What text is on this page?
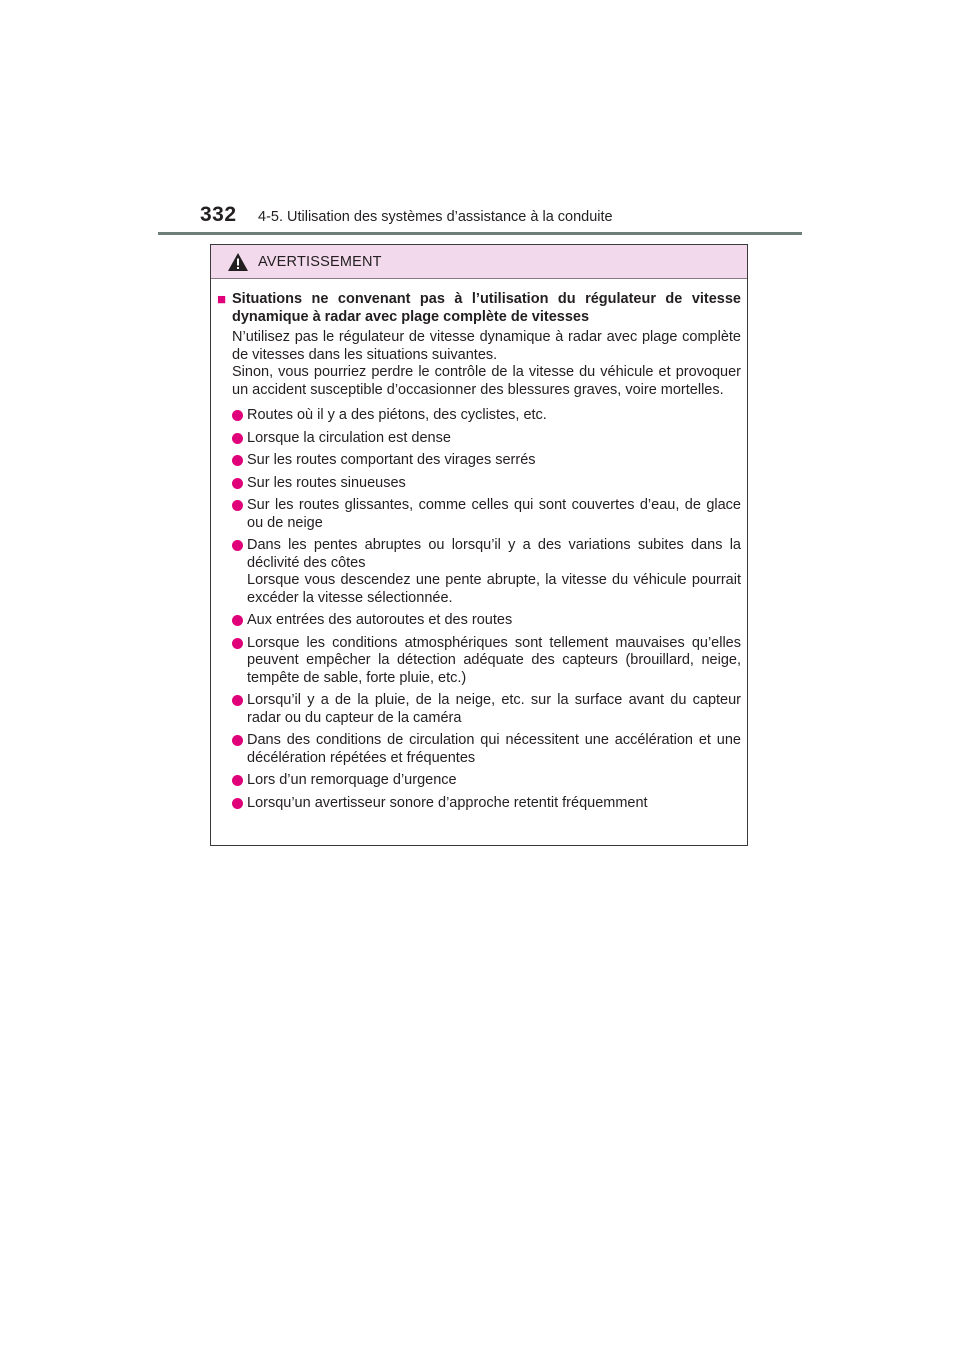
332 4-5. Utilisation des systèmes d’assistance à la conduite
AVERTISSEMENT
■ Situations ne convenant pas à l’utilisation du régulateur de vitesse dynamique à radar avec plage complète de vitesses

N’utilisez pas le régulateur de vitesse dynamique à radar avec plage complète de vitesses dans les situations suivantes.

Sinon, vous pourriez perdre le contrôle de la vitesse du véhicule et provoquer un accident susceptible d’occasionner des blessures graves, voire mortelles.

Routes où il y a des piétons, des cyclistes, etc.
Lorsque la circulation est dense
Sur les routes comportant des virages serrés
Sur les routes sinueuses
Sur les routes glissantes, comme celles qui sont couvertes d’eau, de glace ou de neige
Dans les pentes abruptes ou lorsqu’il y a des variations subites dans la déclivité des côtes
Lorsque vous descendez une pente abrupte, la vitesse du véhicule pourrait excéder la vitesse sélectionnée.
Aux entrées des autoroutes et des routes
Lorsque les conditions atmosphériques sont tellement mauvaises qu’elles peuvent empêcher la détection adéquate des capteurs (brouillard, neige, tempête de sable, forte pluie, etc.)
Lorsqu’il y a de la pluie, de la neige, etc. sur la surface avant du capteur radar ou du capteur de la caméra
Dans des conditions de circulation qui nécessitent une accélération et une décélération répétées et fréquentes
Lors d’un remorquage d’urgence
Lorsqu’un avertisseur sonore d’approche retentit fréquemment
